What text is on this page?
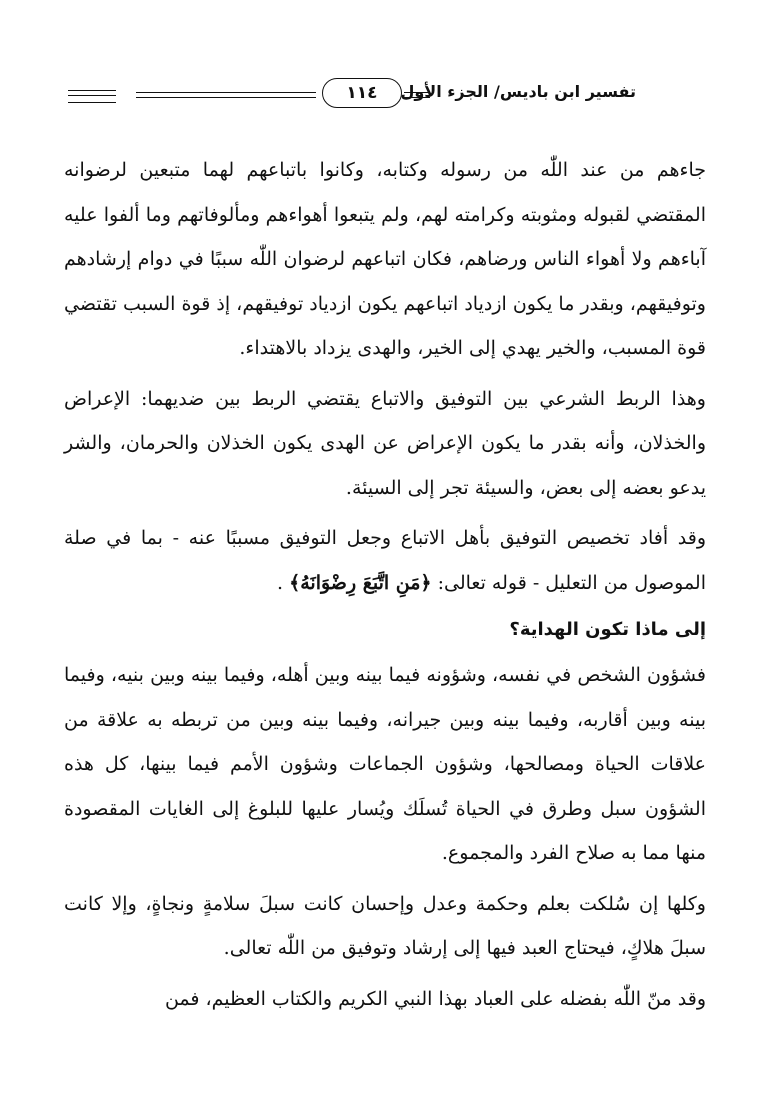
تفسير ابن باديس/ الجزء الأول
١١٤

جاءهم من عند اللّٰه من رسوله وكتابه، وكانوا باتباعهم لهما متبعين لرضوانه المقتضي لقبوله ومثوبته وكرامته لهم، ولم يتبعوا أهواءهم ومألوفاتهم وما ألفوا عليه آباءهم ولا أهواء الناس ورضاهم، فكان اتباعهم لرضوان اللّٰه سببًا في دوام إرشادهم وتوفيقهم، وبقدر ما يكون ازدياد اتباعهم يكون ازدياد توفيقهم، إذ قوة السبب تقتضي قوة المسبب، والخير يهدي إلى الخير، والهدى يزداد بالاهتداء.

وهذا الربط الشرعي بين التوفيق والاتباع يقتضي الربط بين ضديهما: الإعراض والخذلان، وأنه بقدر ما يكون الإعراض عن الهدى يكون الخذلان والحرمان، والشر يدعو بعضه إلى بعض، والسيئة تجر إلى السيئة.

وقد أفاد تخصيص التوفيق بأهل الاتباع وجعل التوفيق مسببًا عنه - بما في صلة الموصول من التعليل - قوله تعالى: ﴿مَنِ اتَّبَعَ رِضْوَانَهُ﴾ .

إلى ماذا تكون الهداية؟

فشؤون الشخص في نفسه، وشؤونه فيما بينه وبين أهله، وفيما بينه وبين بنيه، وفيما بينه وبين أقاربه، وفيما بينه وبين جيرانه، وفيما بينه وبين من تربطه به علاقة من علاقات الحياة ومصالحها، وشؤون الجماعات وشؤون الأمم فيما بينها، كل هذه الشؤون سبل وطرق في الحياة تُسلَك ويُسار عليها للبلوغ إلى الغايات المقصودة منها مما به صلاح الفرد والمجموع.

وكلها إن سُلكت بعلم وحكمة وعدل وإحسان كانت سبلَ سلامةٍ ونجاةٍ، وإلا كانت سبلَ هلاكٍ، فيحتاج العبد فيها إلى إرشاد وتوفيق من اللّٰه تعالى.

وقد منّ اللّٰه بفضله على العباد بهذا النبي الكريم والكتاب العظيم، فمن
